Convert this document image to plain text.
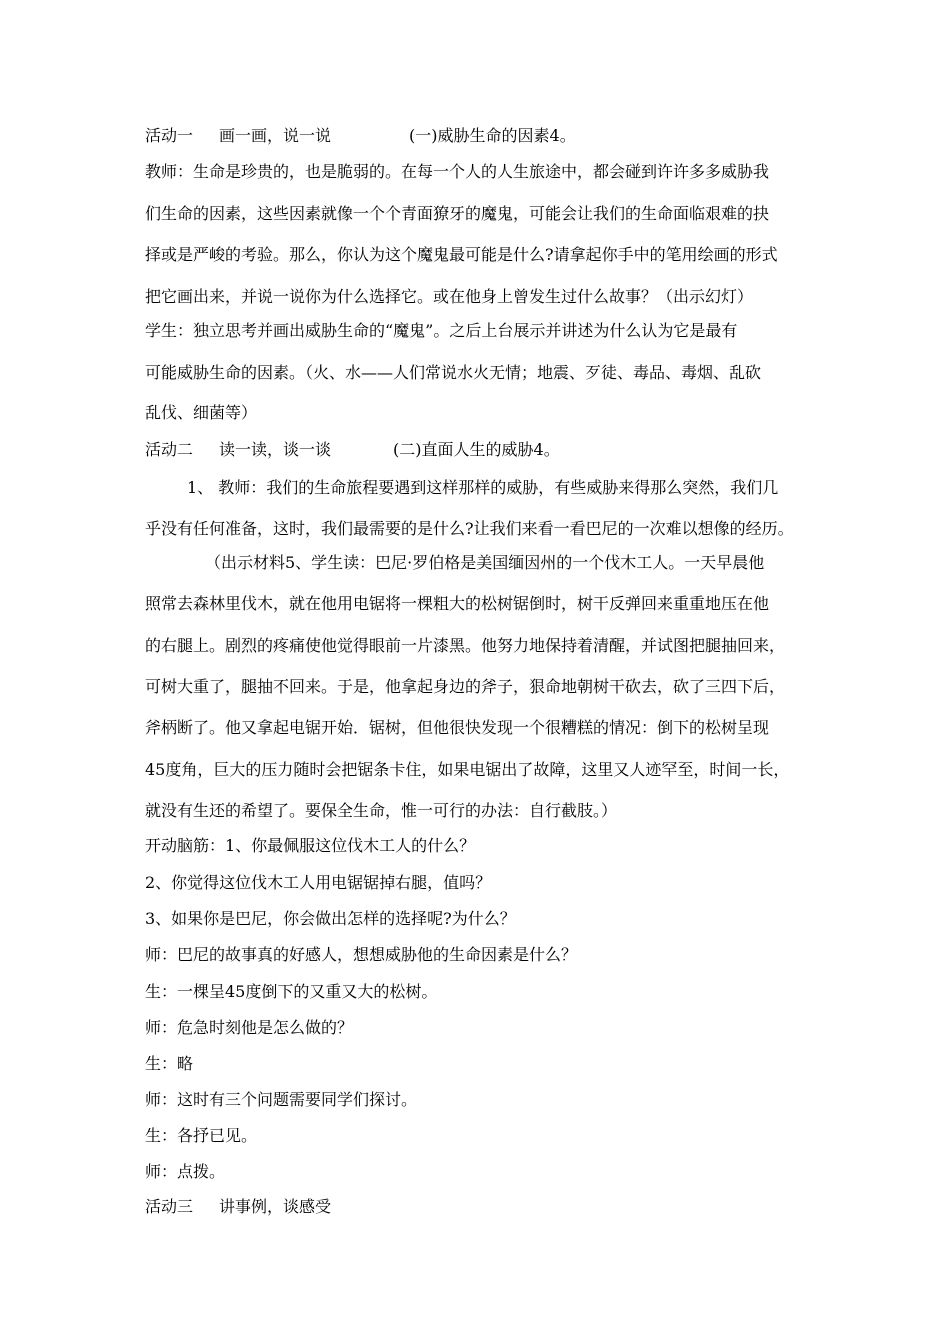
活动一 画一画，说一说	(一)威胁生命的因素4。
教师：生命是珍贵的，也是脆弱的。在每一个人的人生旅途中，都会碰到许许多多威胁我
们生命的因素，这些因素就像一个个青面獠牙的魔鬼，可能会让我们的生命面临艰难的抉
择或是严峻的考验。那么，你认为这个魔鬼最可能是什么?请拿起你手中的笔用绘画的形式
把它画出来，并说一说你为什么选择它。或在他身上曾发生过什么故事？（出示幻灯）
学生：独立思考并画出威胁生命的“魔鬼”。之后上台展示并讲述为什么认为它是最有
可能威胁生命的因素。（火、水——人们常说水火无情；地震、歹徒、毒品、毒烟、乱砍
乱伐、细菌等）
活动二 读一读，谈一谈	(二)直面人生的威胁4。
1、 教师：我们的生命旅程要遇到这样那样的威胁，有些威胁来得那么突然，我们几
乎没有任何准备，这时，我们最需要的是什么?让我们来看一看巴尼的一次难以想像的经历。
（出示材料5、学生读：巴尼·罗伯格是美国缅因州的一个伐木工人。一天早晨他
照常去森林里伐木，就在他用电锯将一棵粗大的松树锯倒时，树干反弹回来重重地压在他
的右腿上。剧烈的疼痛使他觉得眼前一片漆黑。他努力地保持着清醒，并试图把腿抽回来，
可树大重了，腿抽不回来。于是，他拿起身边的斧子，狠命地朝树干砍去，砍了三四下后，
斧柄断了。他又拿起电锯开始．锯树，但他很快发现一个很糟糕的情况：倒下的松树呈现
45度角，巨大的压力随时会把锯条卡住，如果电锯出了故障，这里又人迹罕至，时间一长，
就没有生还的希望了。要保全生命，惟一可行的办法：自行截肢。）
开动脑筋：1、你最佩服这位伐木工人的什么？
2、你觉得这位伐木工人用电锯锯掉右腿，值吗？
3、如果你是巴尼，你会做出怎样的选择呢?为什么？
师：巴尼的故事真的好感人，想想威胁他的生命因素是什么？
生：一棵呈45度倒下的又重又大的松树。
师：危急时刻他是怎么做的？
生：略
师：这时有三个问题需要同学们探讨。
生：各抒已见。
师：点拨。
活动三 讲事例，谈感受
